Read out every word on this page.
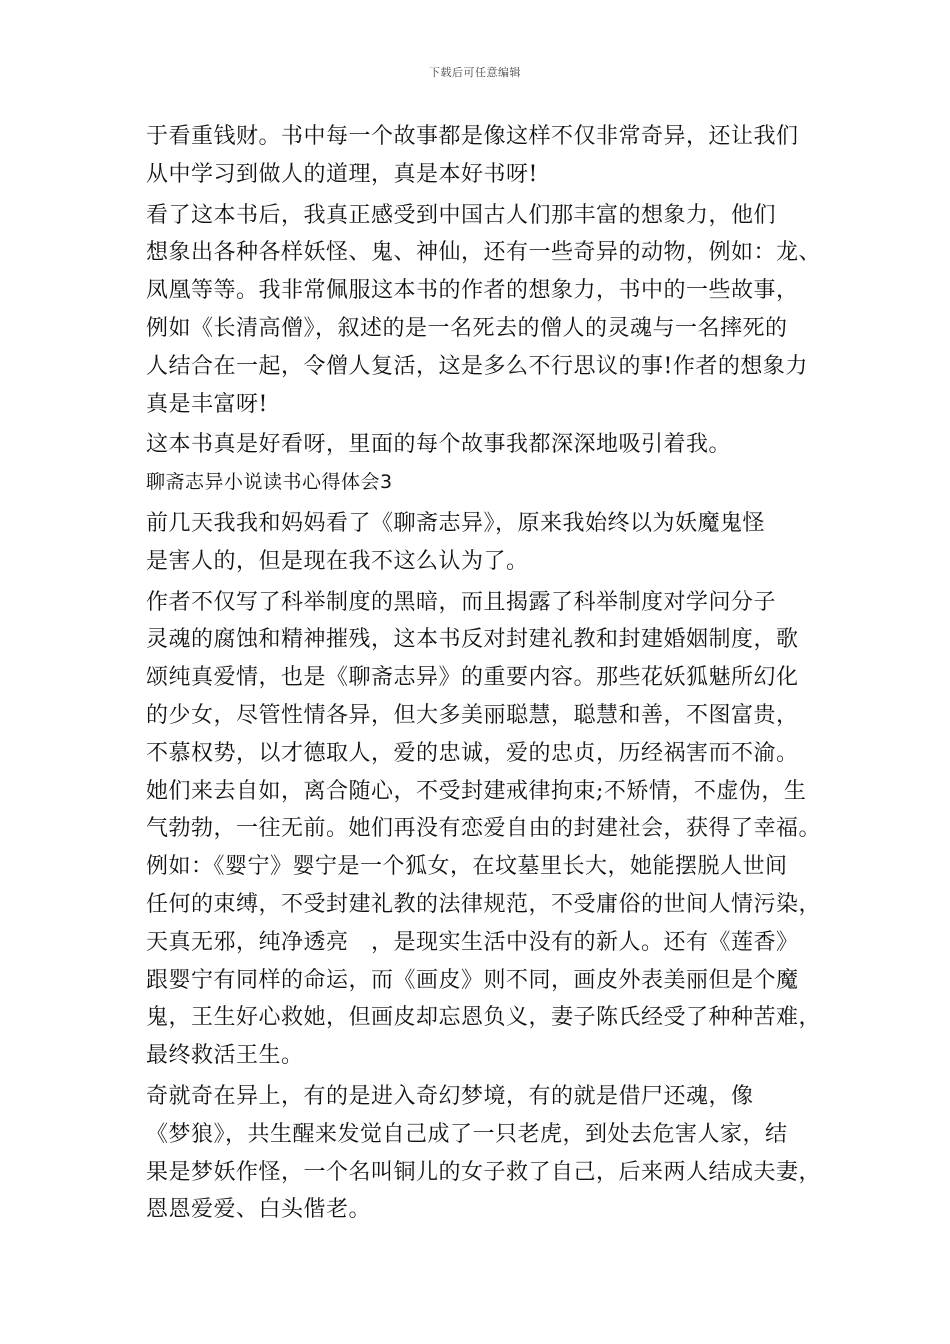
下载后可任意编辑
于看重钱财。书中每一个故事都是像这样不仅非常奇异，还让我们
从中学习到做人的道理，真是本好书呀!
看了这本书后，我真正感受到中国古人们那丰富的想象力，他们
想象出各种各样妖怪、鬼、神仙，还有一些奇异的动物，例如：龙、
凤凰等等。我非常佩服这本书的作者的想象力，书中的一些故事，
例如《长清高僧》，叙述的是一名死去的僧人的灵魂与一名摔死的
人结合在一起，令僧人复活，这是多么不行思议的事!作者的想象力
真是丰富呀!
这本书真是好看呀，里面的每个故事我都深深地吸引着我。
聊斋志异小说读书心得体会3
前几天我我和妈妈看了《聊斋志异》，原来我始终以为妖魔鬼怪
是害人的，但是现在我不这么认为了。
作者不仅写了科举制度的黑暗，而且揭露了科举制度对学问分子
灵魂的腐蚀和精神摧残，这本书反对封建礼教和封建婚姻制度，歌
颂纯真爱情，也是《聊斋志异》的重要内容。那些花妖狐魅所幻化
的少女，尽管性情各异，但大多美丽聪慧，聪慧和善，不图富贵，
不慕权势，以才德取人，爱的忠诚，爱的忠贞，历经祸害而不渝。
她们来去自如，离合随心，不受封建戒律拘束;不矫情，不虚伪，生
气勃勃，一往无前。她们再没有恋爱自由的封建社会，获得了幸福。
例如：《婴宁》婴宁是一个狐女，在坟墓里长大，她能摆脱人世间
任何的束缚，不受封建礼教的法律规范，不受庸俗的世间人情污染，
天真无邪，纯净透亮　，是现实生活中没有的新人。还有《莲香》
跟婴宁有同样的命运，而《画皮》则不同，画皮外表美丽但是个魔
鬼，王生好心救她，但画皮却忘恩负义，妻子陈氏经受了种种苦难，
最终救活王生。
奇就奇在异上，有的是进入奇幻梦境，有的就是借尸还魂，像
《梦狼》，共生醒来发觉自己成了一只老虎，到处去危害人家，结
果是梦妖作怪，一个名叫铜儿的女子救了自己，后来两人结成夫妻，
恩恩爱爱、白头偕老。
